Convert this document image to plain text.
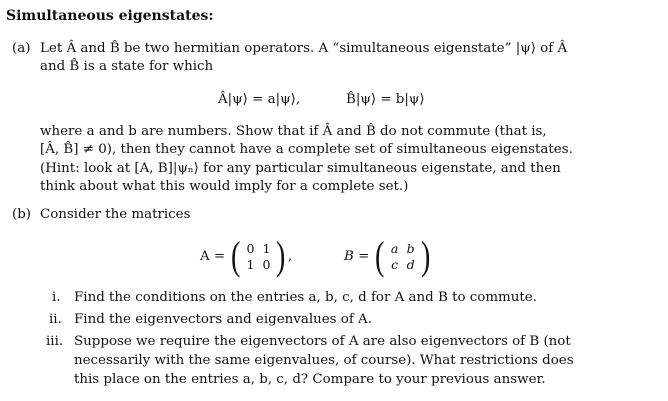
Simultaneous eigenstates:
(a) Let Â and B̂ be two hermitian operators. A “simultaneous eigenstate” |ψ⟩ of Â
and B̂ is a state for which
Â|ψ⟩ = a|ψ⟩,	B̂|ψ⟩ = b|ψ⟩
where a and b are numbers. Show that if Â and B̂ do not commute (that is,
[Â, B̂] ≠ 0), then they cannot have a complete set of simultaneous eigenstates.
(Hint: look at [A, B]|ψₙ⟩ for any particular simultaneous eigenstate, and then
think about what this would imply for a complete set.)
(b) Consider the matrices
A = ( 0 1
1 0 ) ,	B = ( a b
c d )
i. Find the conditions on the entries a, b, c, d for A and B to commute.
ii. Find the eigenvectors and eigenvalues of A.
iii. Suppose we require the eigenvectors of A are also eigenvectors of B (not
necessarily with the same eigenvalues, of course). What restrictions does
this place on the entries a, b, c, d? Compare to your previous answer.
